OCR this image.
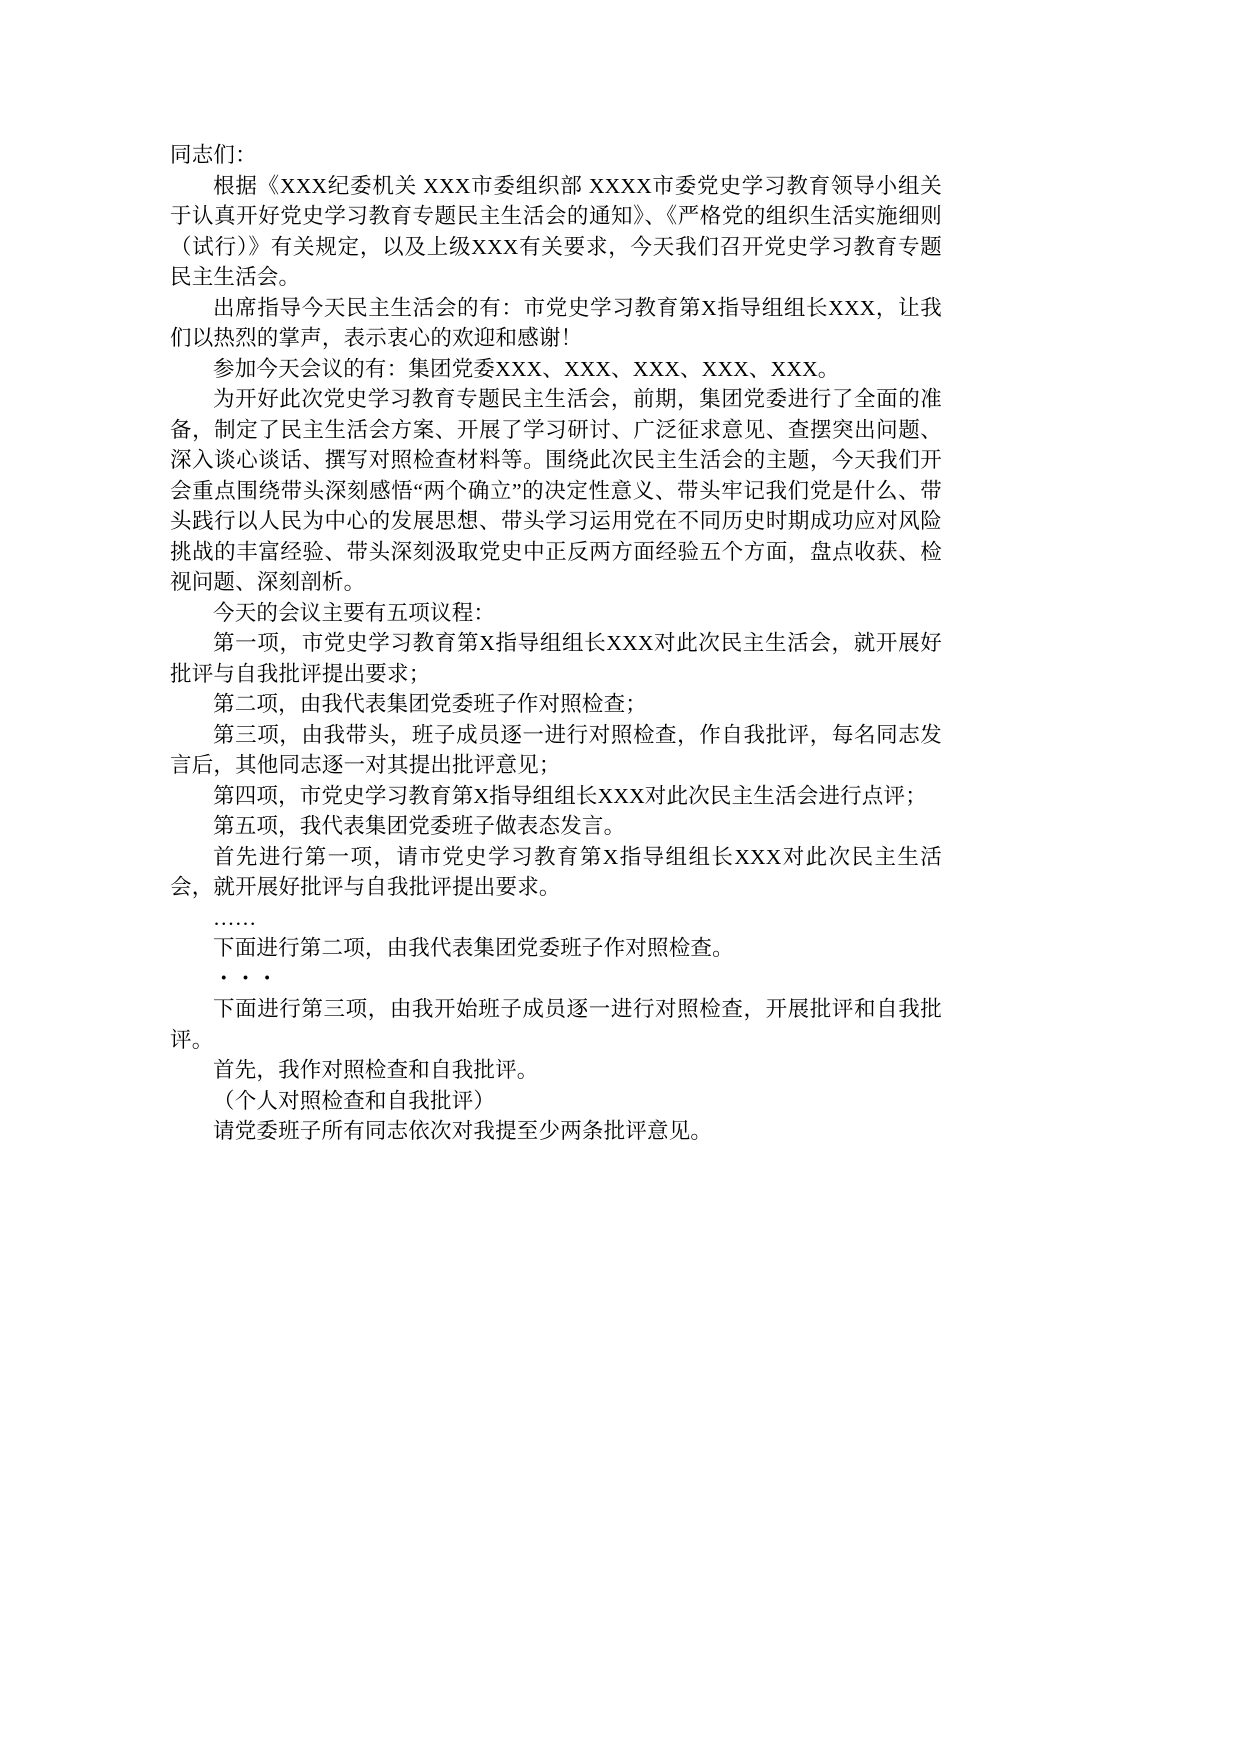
同志们：

根据《XXX纪委机关 XXX市委组织部 XXXX市委党史学习教育领导小组关于认真开好党史学习教育专题民主生活会的通知》、《严格党的组织生活实施细则（试行）》有关规定，以及上级XXX有关要求，今天我们召开党史学习教育专题民主生活会。

出席指导今天民主生活会的有：市党史学习教育第X指导组组长XXX，让我们以热烈的掌声，表示衷心的欢迎和感谢！

参加今天会议的有：集团党委XXX、XXX、XXX、XXX、XXX。

为开好此次党史学习教育专题民主生活会，前期，集团党委进行了全面的准备，制定了民主生活会方案、开展了学习研讨、广泛征求意见、查摆突出问题、深入谈心谈话、撰写对照检查材料等。围绕此次民主生活会的主题，今天我们开会重点围绕带头深刻感悟“两个确立”的决定性意义、带头牢记我们党是什么、带头践行以人民为中心的发展思想、带头学习运用党在不同历史时期成功应对风险挑战的丰富经验、带头深刻汲取党史中正反两方面经验五个方面，盘点收获、检视问题、深刻剖析。

今天的会议主要有五项议程：

第一项，市党史学习教育第X指导组组长XXX对此次民主生活会，就开展好批评与自我批评提出要求；

第二项，由我代表集团党委班子作对照检查；

第三项，由我带头，班子成员逐一进行对照检查，作自我批评，每名同志发言后，其他同志逐一对其提出批评意见；

第四项，市党史学习教育第X指导组组长XXX对此次民主生活会进行点评；

第五项，我代表集团党委班子做表态发言。

首先进行第一项，请市党史学习教育第X指导组组长XXX对此次民主生活会，就开展好批评与自我批评提出要求。

……

下面进行第二项，由我代表集团党委班子作对照检查。

・・・

下面进行第三项，由我开始班子成员逐一进行对照检查，开展批评和自我批评。

首先，我作对照检查和自我批评。

（个人对照检查和自我批评）

请党委班子所有同志依次对我提至少两条批评意见。
